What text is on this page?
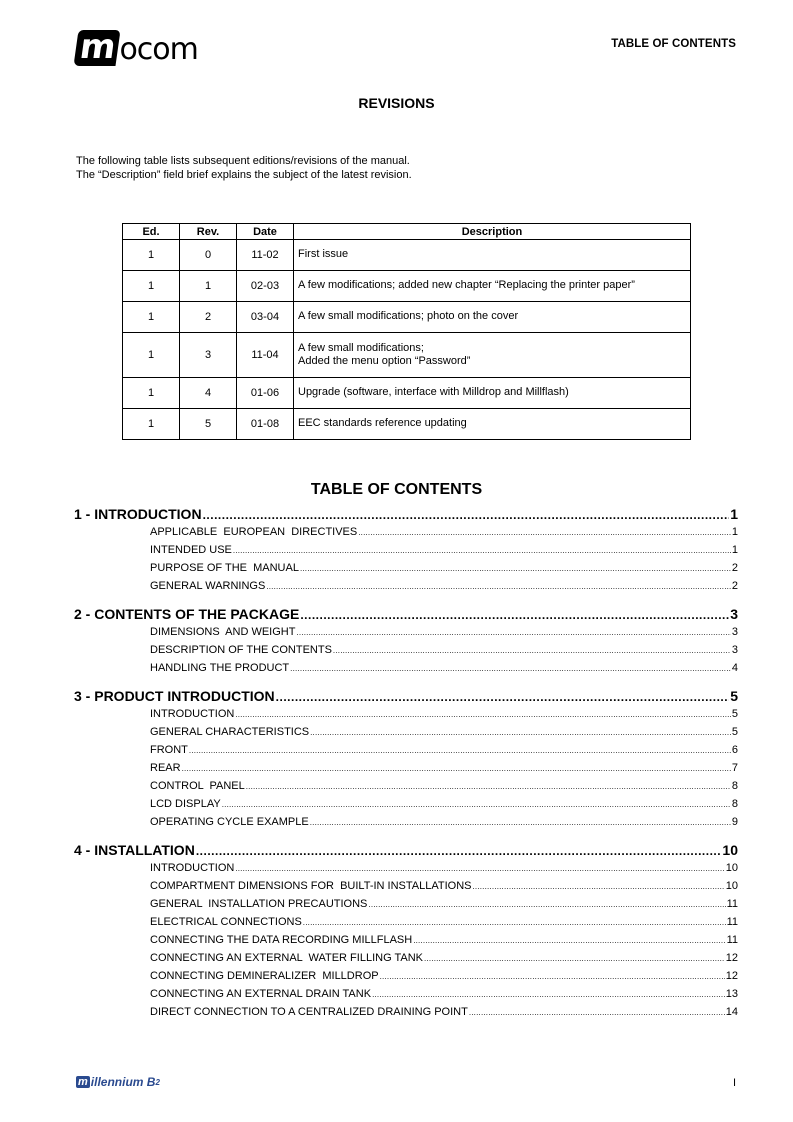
m ocom	TABLE OF CONTENTS
REVISIONS
The following table lists subsequent editions/revisions of the manual.
The “Description” field brief explains the subject of the latest revision.
Ed.	Rev.	Date	Description
1	0	11-02	First issue

1	1	02-03	A few modifications; added new chapter “Replacing the printer paper”

1	2	03-04	A few small modifications; photo on the cover

1	3	11-04	A few small modifications;
Added the menu option “Password”

1	4	01-06	Upgrade (software, interface with Milldrop and Millflash)

1	5	01-08	EEC standards reference updating
TABLE OF CONTENTS
1 - INTRODUCTION .....	1
APPLICABLE  EUROPEAN  DIRECTIVES .....	1
INTENDED USE .....	1
PURPOSE OF THE  MANUAL .....	2
GENERAL WARNINGS .....	2
2 - CONTENTS OF THE PACKAGE .....	3
DIMENSIONS  AND WEIGHT .....	3
DESCRIPTION OF THE CONTENTS .....	3
HANDLING THE PRODUCT .....	4
3 - PRODUCT INTRODUCTION .....	5
INTRODUCTION .....	5
GENERAL CHARACTERISTICS .....	5
FRONT .....	6
REAR .....	7
CONTROL  PANEL .....	8
LCD DISPLAY .....	8
OPERATING CYCLE EXAMPLE .....	9
4 - INSTALLATION .....	10
INTRODUCTION .....	10
COMPARTMENT DIMENSIONS FOR  BUILT-IN INSTALLATIONS .....	10
GENERAL  INSTALLATION PRECAUTIONS .....	11
ELECTRICAL CONNECTIONS .....	11
CONNECTING THE DATA RECORDING MILLFLASH .....	11
CONNECTING AN EXTERNAL  WATER FILLING TANK .....	12
CONNECTING DEMINERALIZER  MILLDROP .....	12
CONNECTING AN EXTERNAL DRAIN TANK .....	13
DIRECT CONNECTION TO A CENTRALIZED DRAINING POINT .....	14
m illennium B 2	I
